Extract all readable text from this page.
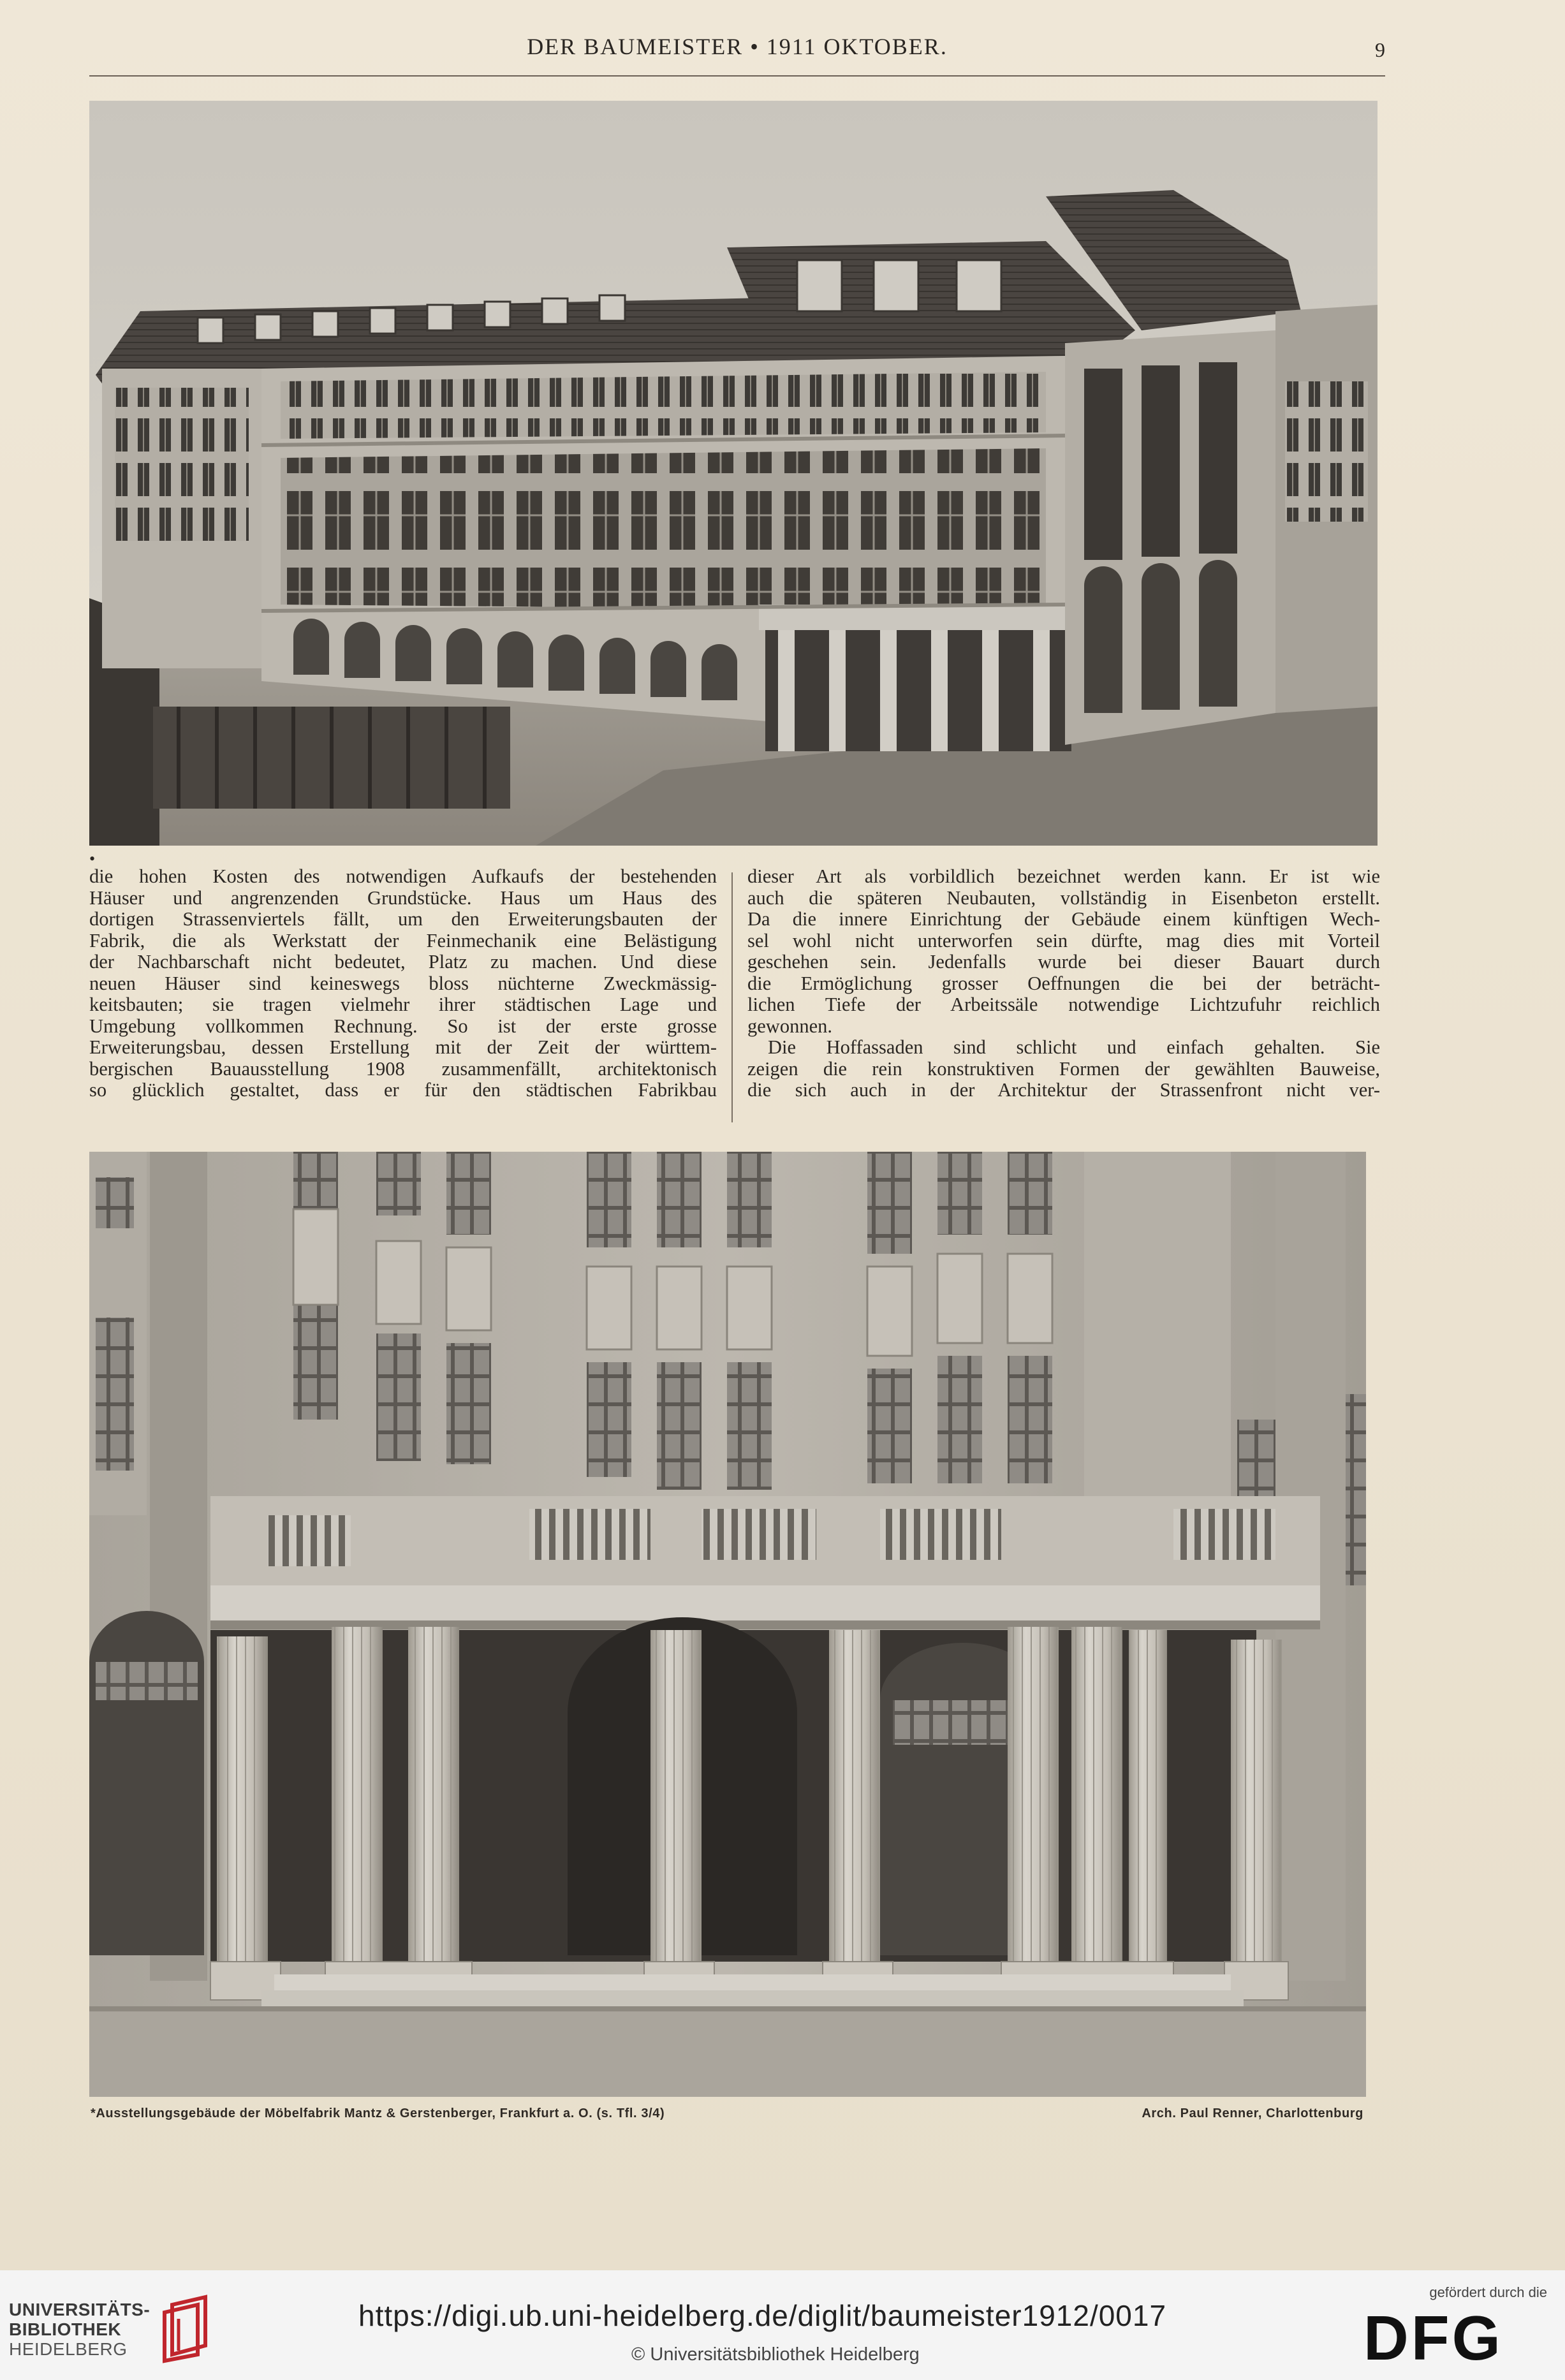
DER BAUMEISTER • 1911 OKTOBER.	9
•

die hohen Kosten des notwendigen Aufkaufs der bestehenden

Häuser und angrenzenden Grundstücke. Haus um Haus des

dortigen Strassenviertels fällt, um den Erweiterungsbauten der

Fabrik, die als Werkstatt der Feinmechanik eine Belästigung

der Nachbarschaft nicht bedeutet, Platz zu machen. Und diese

neuen Häuser sind keineswegs bloss nüchterne Zweckmässig-

keitsbauten; sie tragen vielmehr ihrer städtischen Lage und

Umgebung vollkommen Rechnung. So ist der erste grosse

Erweiterungsbau, dessen Erstellung mit der Zeit der württem-

bergischen Bauausstellung 1908 zusammenfällt, architektonisch

so glücklich gestaltet, dass er für den städtischen Fabrikbau

dieser Art als vorbildlich bezeichnet werden kann. Er ist wie

auch die späteren Neubauten, vollständig in Eisenbeton erstellt.

Da die innere Einrichtung der Gebäude einem künftigen Wech-

sel wohl nicht unterworfen sein dürfte, mag dies mit Vorteil

geschehen sein. Jedenfalls wurde bei dieser Bauart durch

die Ermöglichung grosser Oeffnungen die bei der beträcht-

lichen Tiefe der Arbeitssäle notwendige Lichtzufuhr reichlich

gewonnen.

Die Hoffassaden sind schlicht und einfach gehalten. Sie

zeigen die rein konstruktiven Formen der gewählten Bauweise,

die sich auch in der Architektur der Strassenfront nicht ver-

*Ausstellungsgebäude der Möbelfabrik Mantz & Gerstenberger, Frankfurt a. O. (s. Tfl. 3/4)	Arch. Paul Renner, Charlottenburg
UNIVERSITÄTS-
BIBLIOTHEK
HEIDELBERG
https://digi.ub.uni-heidelberg.de/diglit/baumeister1912/0017
© Universitätsbibliothek Heidelberg
gefördert durch die
DFG
